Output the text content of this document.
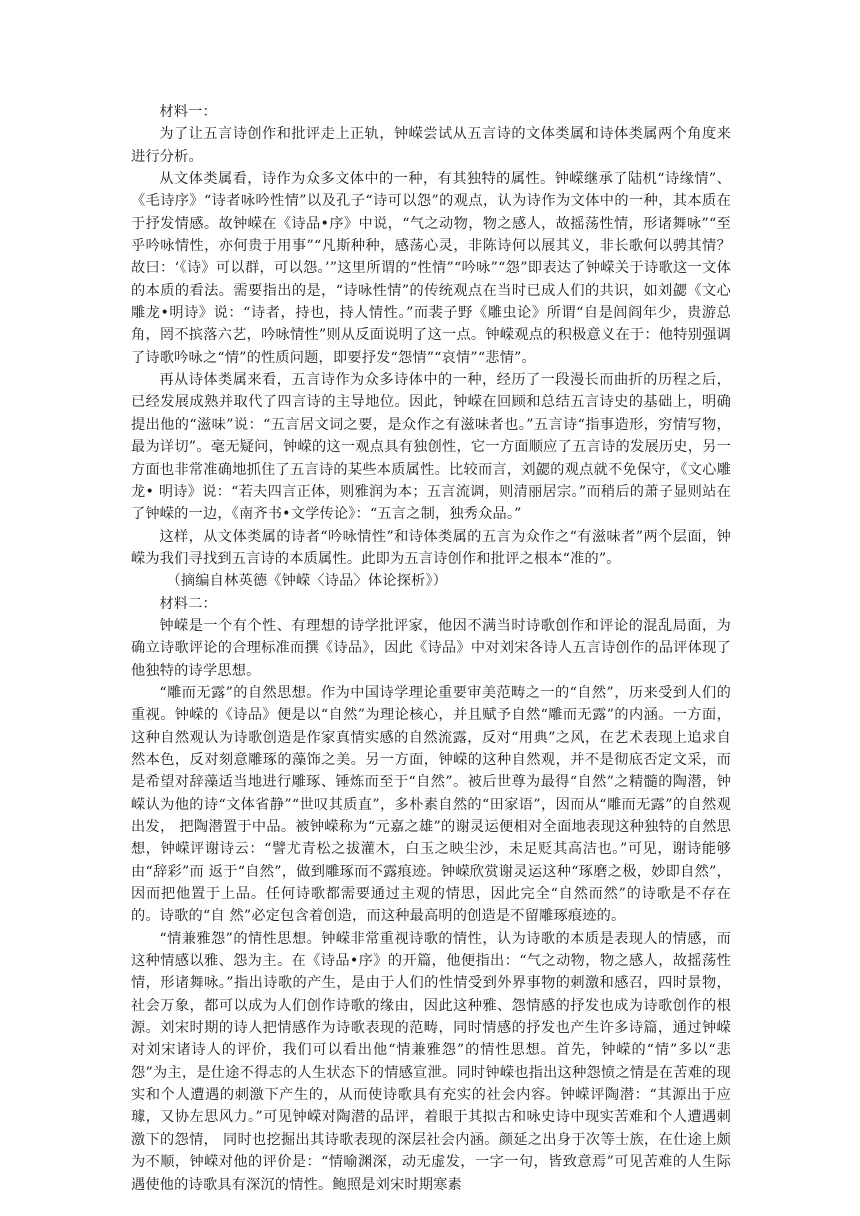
材料一：

为了让五言诗创作和批评走上正轨，钟嵘尝试从五言诗的文体类属和诗体类属两个角度来 进行分析。

从文体类属看，诗作为众多文体中的一种，有其独特的属性。钟嵘继承了陆机“诗缘情”、《毛诗序》“诗者咏吟性情”以及孔子“诗可以怨”的观点，认为诗作为文体中的一种，其本质在于抒发情感。故钟嵘在《诗品•序》中说，“气之动物，物之感人，故摇荡性情，形诸舞咏”“至乎吟咏情性，亦何贵于用事”“凡斯种种，感荡心灵，非陈诗何以展其义，非长歌何以骋其情？故曰：‘《诗》可以群，可以怨。’”这里所谓的“性情”“吟咏”“怨”即表达了钟嵘关于诗歌这一文体的本质的看法。需要指出的是，“诗咏性情”的传统观点在当时已成人们的共识，如刘勰《文心雕龙•明诗》说：“诗者，持也，持人情性。”而裴子野《雕虫论》所谓“自是闾阎年少，贵游总角，罔不摈落六艺，吟咏情性”则从反面说明了这一点。钟嵘观点的积极意义在于：他特别强调了诗歌吟咏之“情”的性质问题，即要抒发“怨情”“哀情”“悲情”。

再从诗体类属来看，五言诗作为众多诗体中的一种，经历了一段漫长而曲折的历程之后，已经发展成熟并取代了四言诗的主导地位。因此，钟嵘在回顾和总结五言诗史的基础上，明确提出他的“滋味”说：“五言居文词之要，是众作之有滋味者也。”五言诗“指事造形，穷情写物，最为详切”。毫无疑问，钟嵘的这一观点具有独创性，它一方面顺应了五言诗的发展历史，另一方面也非常准确地抓住了五言诗的某些本质属性。比较而言，刘勰的观点就不免保守，《文心雕龙• 明诗》说：“若夫四言正体，则雅润为本；五言流调，则清丽居宗。”而稍后的萧子显则站在了钟嵘的一边，《南齐书•文学传论》：“五言之制，独秀众品。”

这样，从文体类属的诗者“吟咏情性”和诗体类属的五言为众作之“有滋味者”两个层面，钟 嵘为我们寻找到五言诗的本质属性。此即为五言诗创作和批评之根本“准的”。

（摘编自林英德《钟嵘〈诗品〉体论探析》）

材料二：

钟嵘是一个有个性、有理想的诗学批评家，他因不满当时诗歌创作和评论的混乱局面，为确立诗歌评论的合理标准而撰《诗品》，因此《诗品》中对刘宋各诗人五言诗创作的品评体现了他独特的诗学思想。

“雕而无露”的自然思想。作为中国诗学理论重要审美范畴之一的“自然”，历来受到人们的重视。钟嵘的《诗品》便是以“自然”为理论核心，并且赋予自然“雕而无露”的内涵。一方面，这种自然观认为诗歌创造是作家真情实感的自然流露，反对“用典”之风，在艺术表现上追求自然本色，反对刻意雕琢的藻饰之美。另一方面，钟嵘的这种自然观，并不是彻底否定文采，而是希望对辞藻适当地进行雕琢、锤炼而至于“自然”。被后世尊为最得“自然”之精髓的陶潜，钟嵘认为他的诗“文体省静”“世叹其质直”，多朴素自然的“田家语”，因而从“雕而无露”的自然观出发， 把陶潜置于中品。被钟嵘称为“元嘉之雄”的谢灵运便相对全面地表现这种独特的自然思想，钟嵘评谢诗云：“譬尤青松之拔灌木，白玉之映尘沙，未足贬其高洁也。”可见，谢诗能够由“辞彩”而 返于“自然”，做到雕琢而不露痕迹。钟嵘欣赏谢灵运这种“琢磨之极，妙即自然”，因而把他置于上品。任何诗歌都需要通过主观的情思，因此完全“自然而然”的诗歌是不存在的。诗歌的“自 然”必定包含着创造，而这种最高明的创造是不留雕琢痕迹的。

“情兼雅怨”的情性思想。钟嵘非常重视诗歌的情性，认为诗歌的本质是表现人的情感，而这种情感以雅、怨为主。在《诗品•序》的开篇，他便指出：“气之动物，物之感人，故摇荡性情，形诸舞咏。”指出诗歌的产生，是由于人们的性情受到外界事物的刺激和感召，四时景物，社会万象，都可以成为人们创作诗歌的缘由，因此这种雅、怨情感的抒发也成为诗歌创作的根源。刘宋时期的诗人把情感作为诗歌表现的范畴，同时情感的抒发也产生许多诗篇，通过钟嵘对刘宋诸诗人的评价，我们可以看出他“情兼雅怨”的情性思想。首先，钟嵘的“情”多以“悲怨”为主，是仕途不得志的人生状态下的情感宣泄。同时钟嵘也指出这种怨愤之情是在苦难的现实和个人遭遇的刺激下产生的，从而使诗歌具有充实的社会内容。钟嵘评陶潜：“其源出于应璩，又协左思风力。”可见钟嵘对陶潜的品评，着眼于其拟古和咏史诗中现实苦难和个人遭遇刺激下的怨情， 同时也挖掘出其诗歌表现的深层社会内涵。颜延之出身于次等士族，在仕途上颇为不顺，钟嵘对他的评价是：“情喻渊深，动无虚发，一字一句，皆致意焉”可见苦难的人生际遇使他的诗歌具有深沉的情性。鲍照是刘宋时期寒素
